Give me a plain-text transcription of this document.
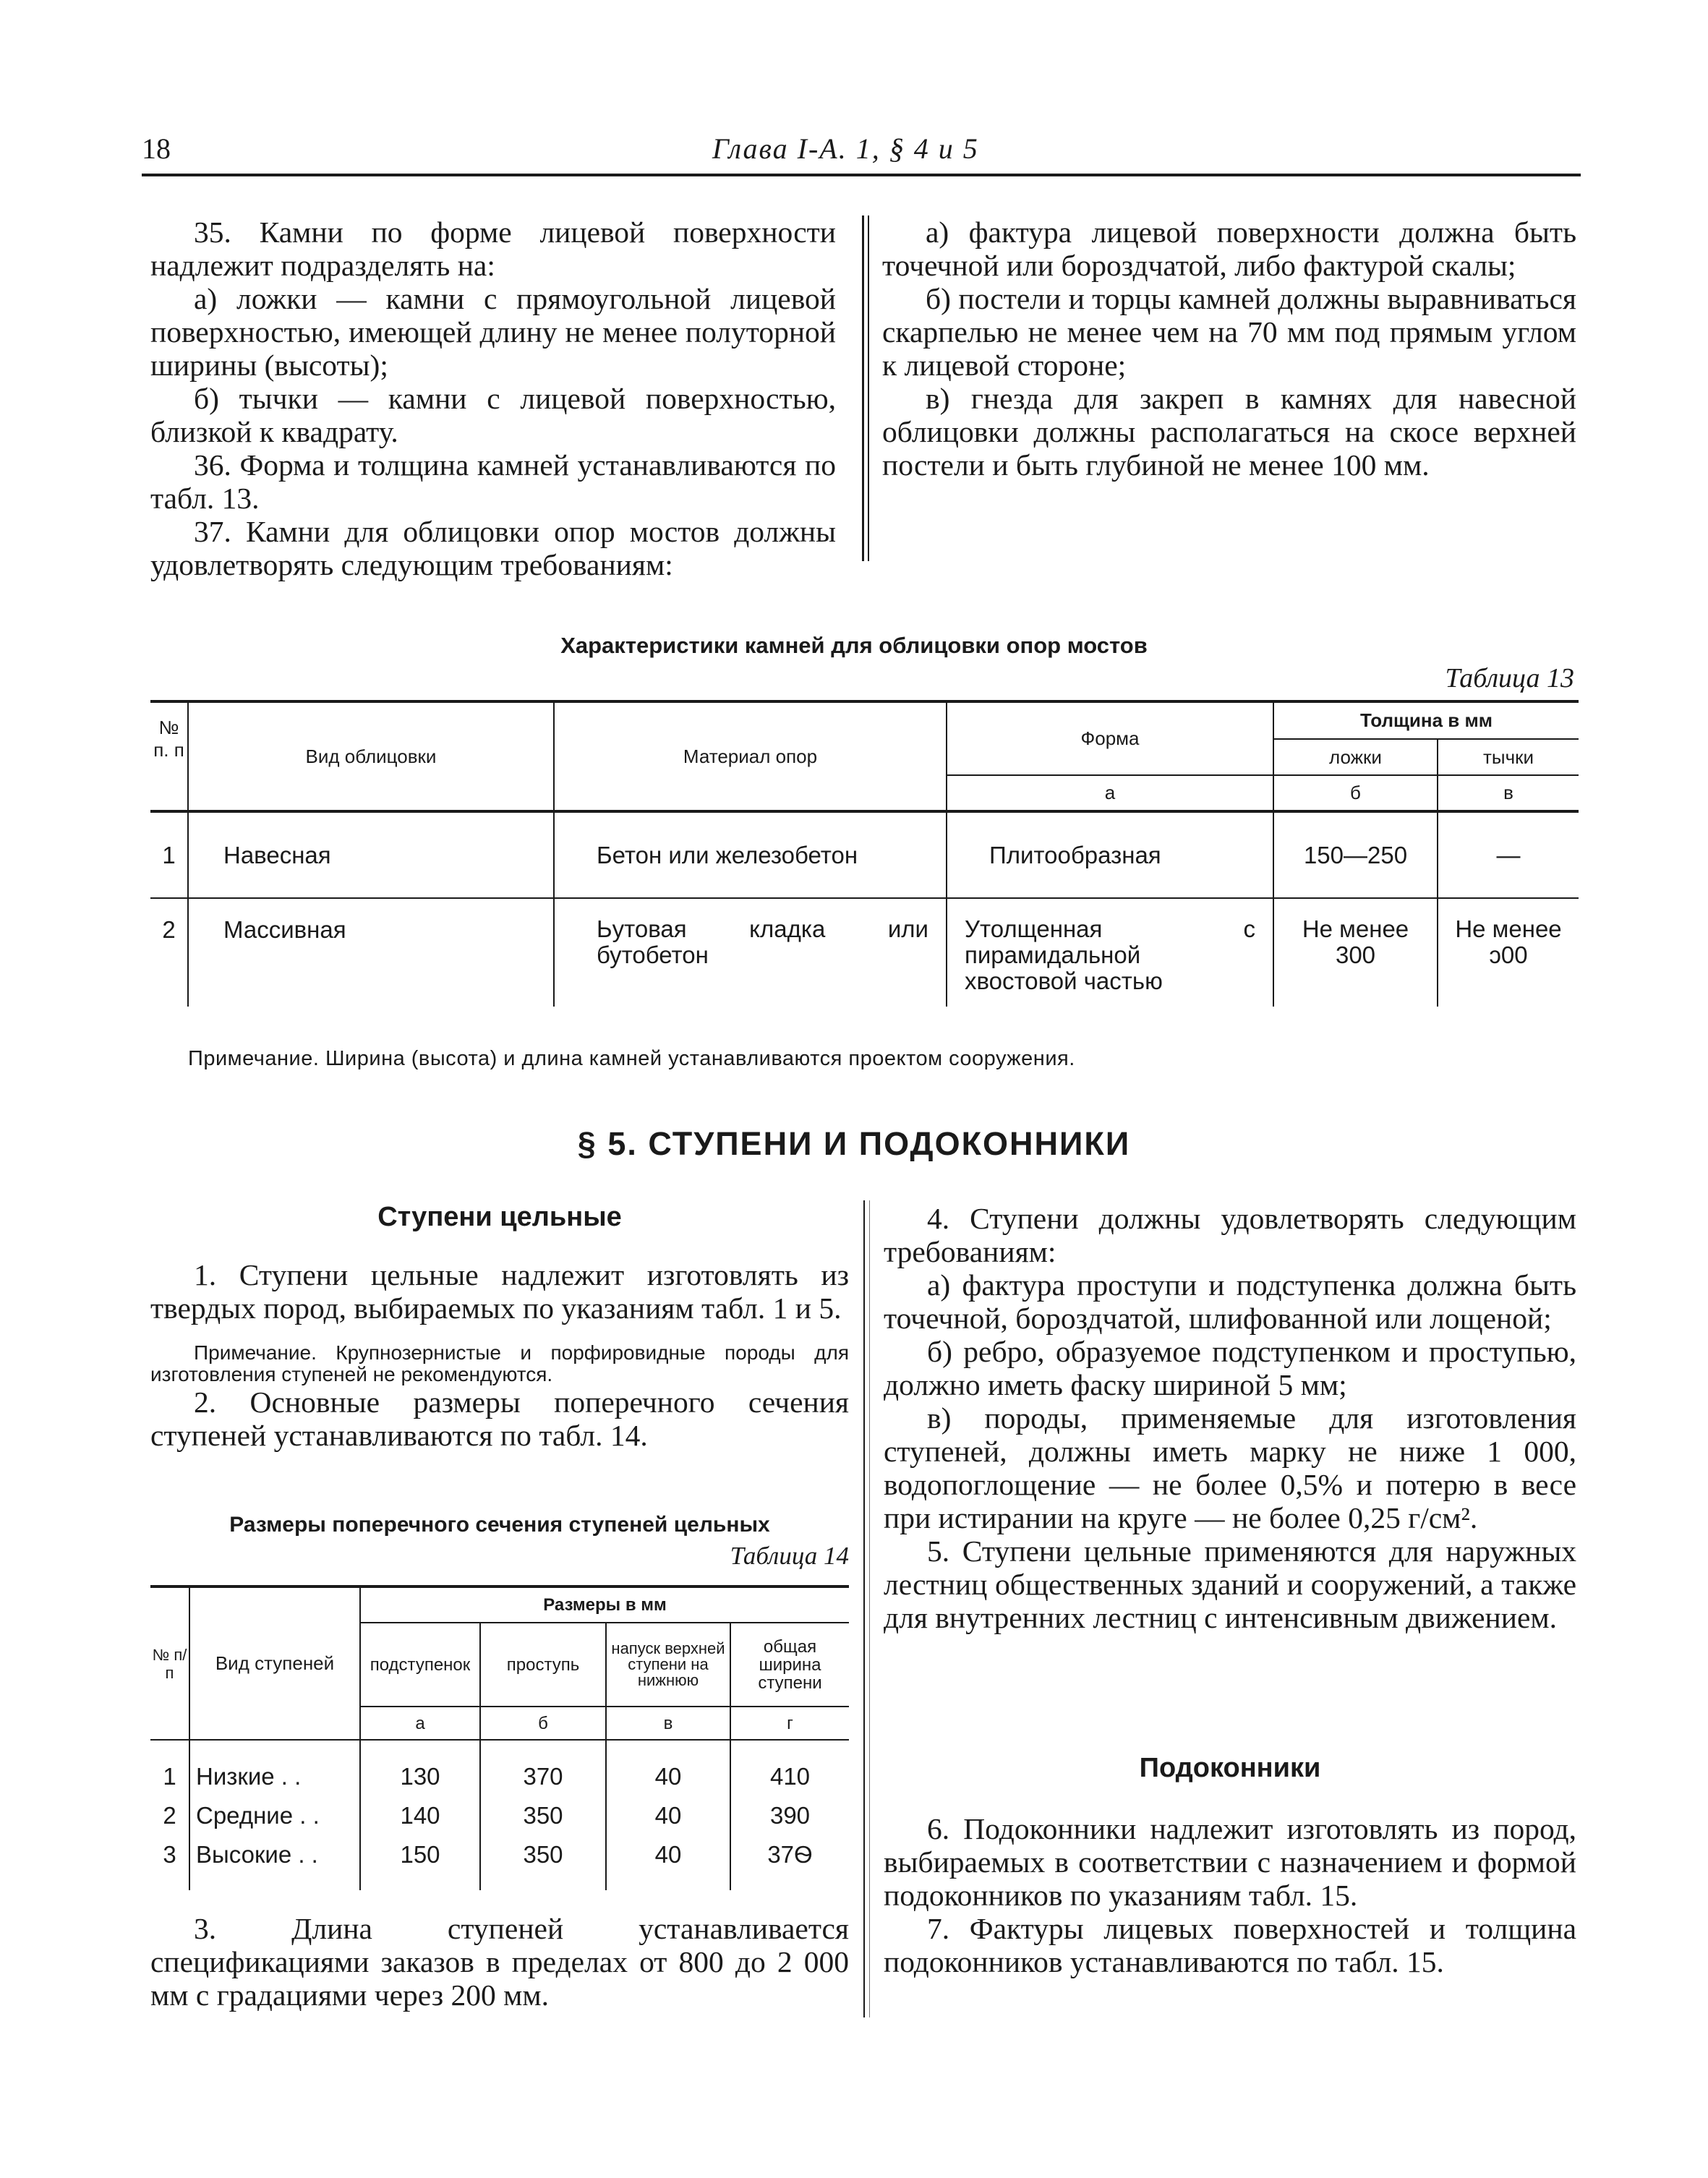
18	Глава I-А. 1, § 4 и 5

35. Камни по форме лицевой поверхности надлежит подразделять на:

а) ложки — камни с прямоугольной лицевой поверхностью, имеющей длину не менее полуторной ширины (высоты);

б) тычки — камни с лицевой поверхностью, близкой к квадрату.

36. Форма и толщина камней устанавливаются по табл. 13.

37. Камни для облицовки опор мостов должны удовлетворять следующим требованиям:

а) фактура лицевой поверхности должна быть точечной или бороздчатой, либо фактурой скалы;

б) постели и торцы камней должны выравниваться скарпелью не менее чем на 70 мм под прямым углом к лицевой стороне;

в) гнезда для закреп в камнях для навесной облицовки должны располагаться на скосе верхней постели и быть глубиной не менее 100 мм.

Характеристики камней для облицовки опор мостов
Таблица 13
№ п. п	Вид облицовки	Материал опор	Форма	Толщина в мм	
				ложки	тычки
			а	б	в
1	Навесная	Бетон или железобетон	Плитообразная	150—250	—
2	Массивная	Ьутовая кладка или бутобетон	Утолщенная с пирамидальной хвостовой частью	Не менее 300	Не менее ɔ00
Примечание. Ширина (высота) и длина камней устанавливаются проектом сооружения.
§ 5. СТУПЕНИ И ПОДОКОННИКИ
Ступени цельные

1. Ступени цельные надлежит изготовлять из твердых пород, выбираемых по указаниям табл. 1 и 5.

Примечание. Крупнозернистые и порфировидные породы для изготовления ступеней не рекомендуются.

2. Основные размеры поперечного сечения ступеней устанавливаются по табл. 14.

Размеры поперечного сечения ступеней цельных
Таблица 14
№ п/п	Вид ступеней	Размеры в мм			
		подступенок	проступь	напуск верхней ступени на нижнюю	общая ширина ступени
		а	б	в	г

1	Низкие . .	130	370	40	410
2	Средние . .	140	350	40	390
3	Высокие . .	150	350	40	37Ѳ

3. Длина ступеней устанавливается спецификациями заказов в пределах от 800 до 2 000 мм с градациями через 200 мм.

4. Ступени должны удовлетворять следующим требованиям:

а) фактура проступи и подступенка должна быть точечной, бороздчатой, шлифованной или лощеной;

б) ребро, образуемое подступенком и проступью, должно иметь фаску шириной 5 мм;

в) породы, применяемые для изготовления ступеней, должны иметь марку не ниже 1 000, водопоглощение — не более 0,5% и потерю в весе при истирании на круге — не более 0,25 г/см².

5. Ступени цельные применяются для наружных лестниц общественных зданий и сооружений, а также для внутренних лестниц с интенсивным движением.

Подоконники

6. Подоконники надлежит изготовлять из пород, выбираемых в соответствии с назначением и формой подоконников по указаниям табл. 15.

7. Фактуры лицевых поверхностей и толщина подоконников устанавливаются по табл. 15.
